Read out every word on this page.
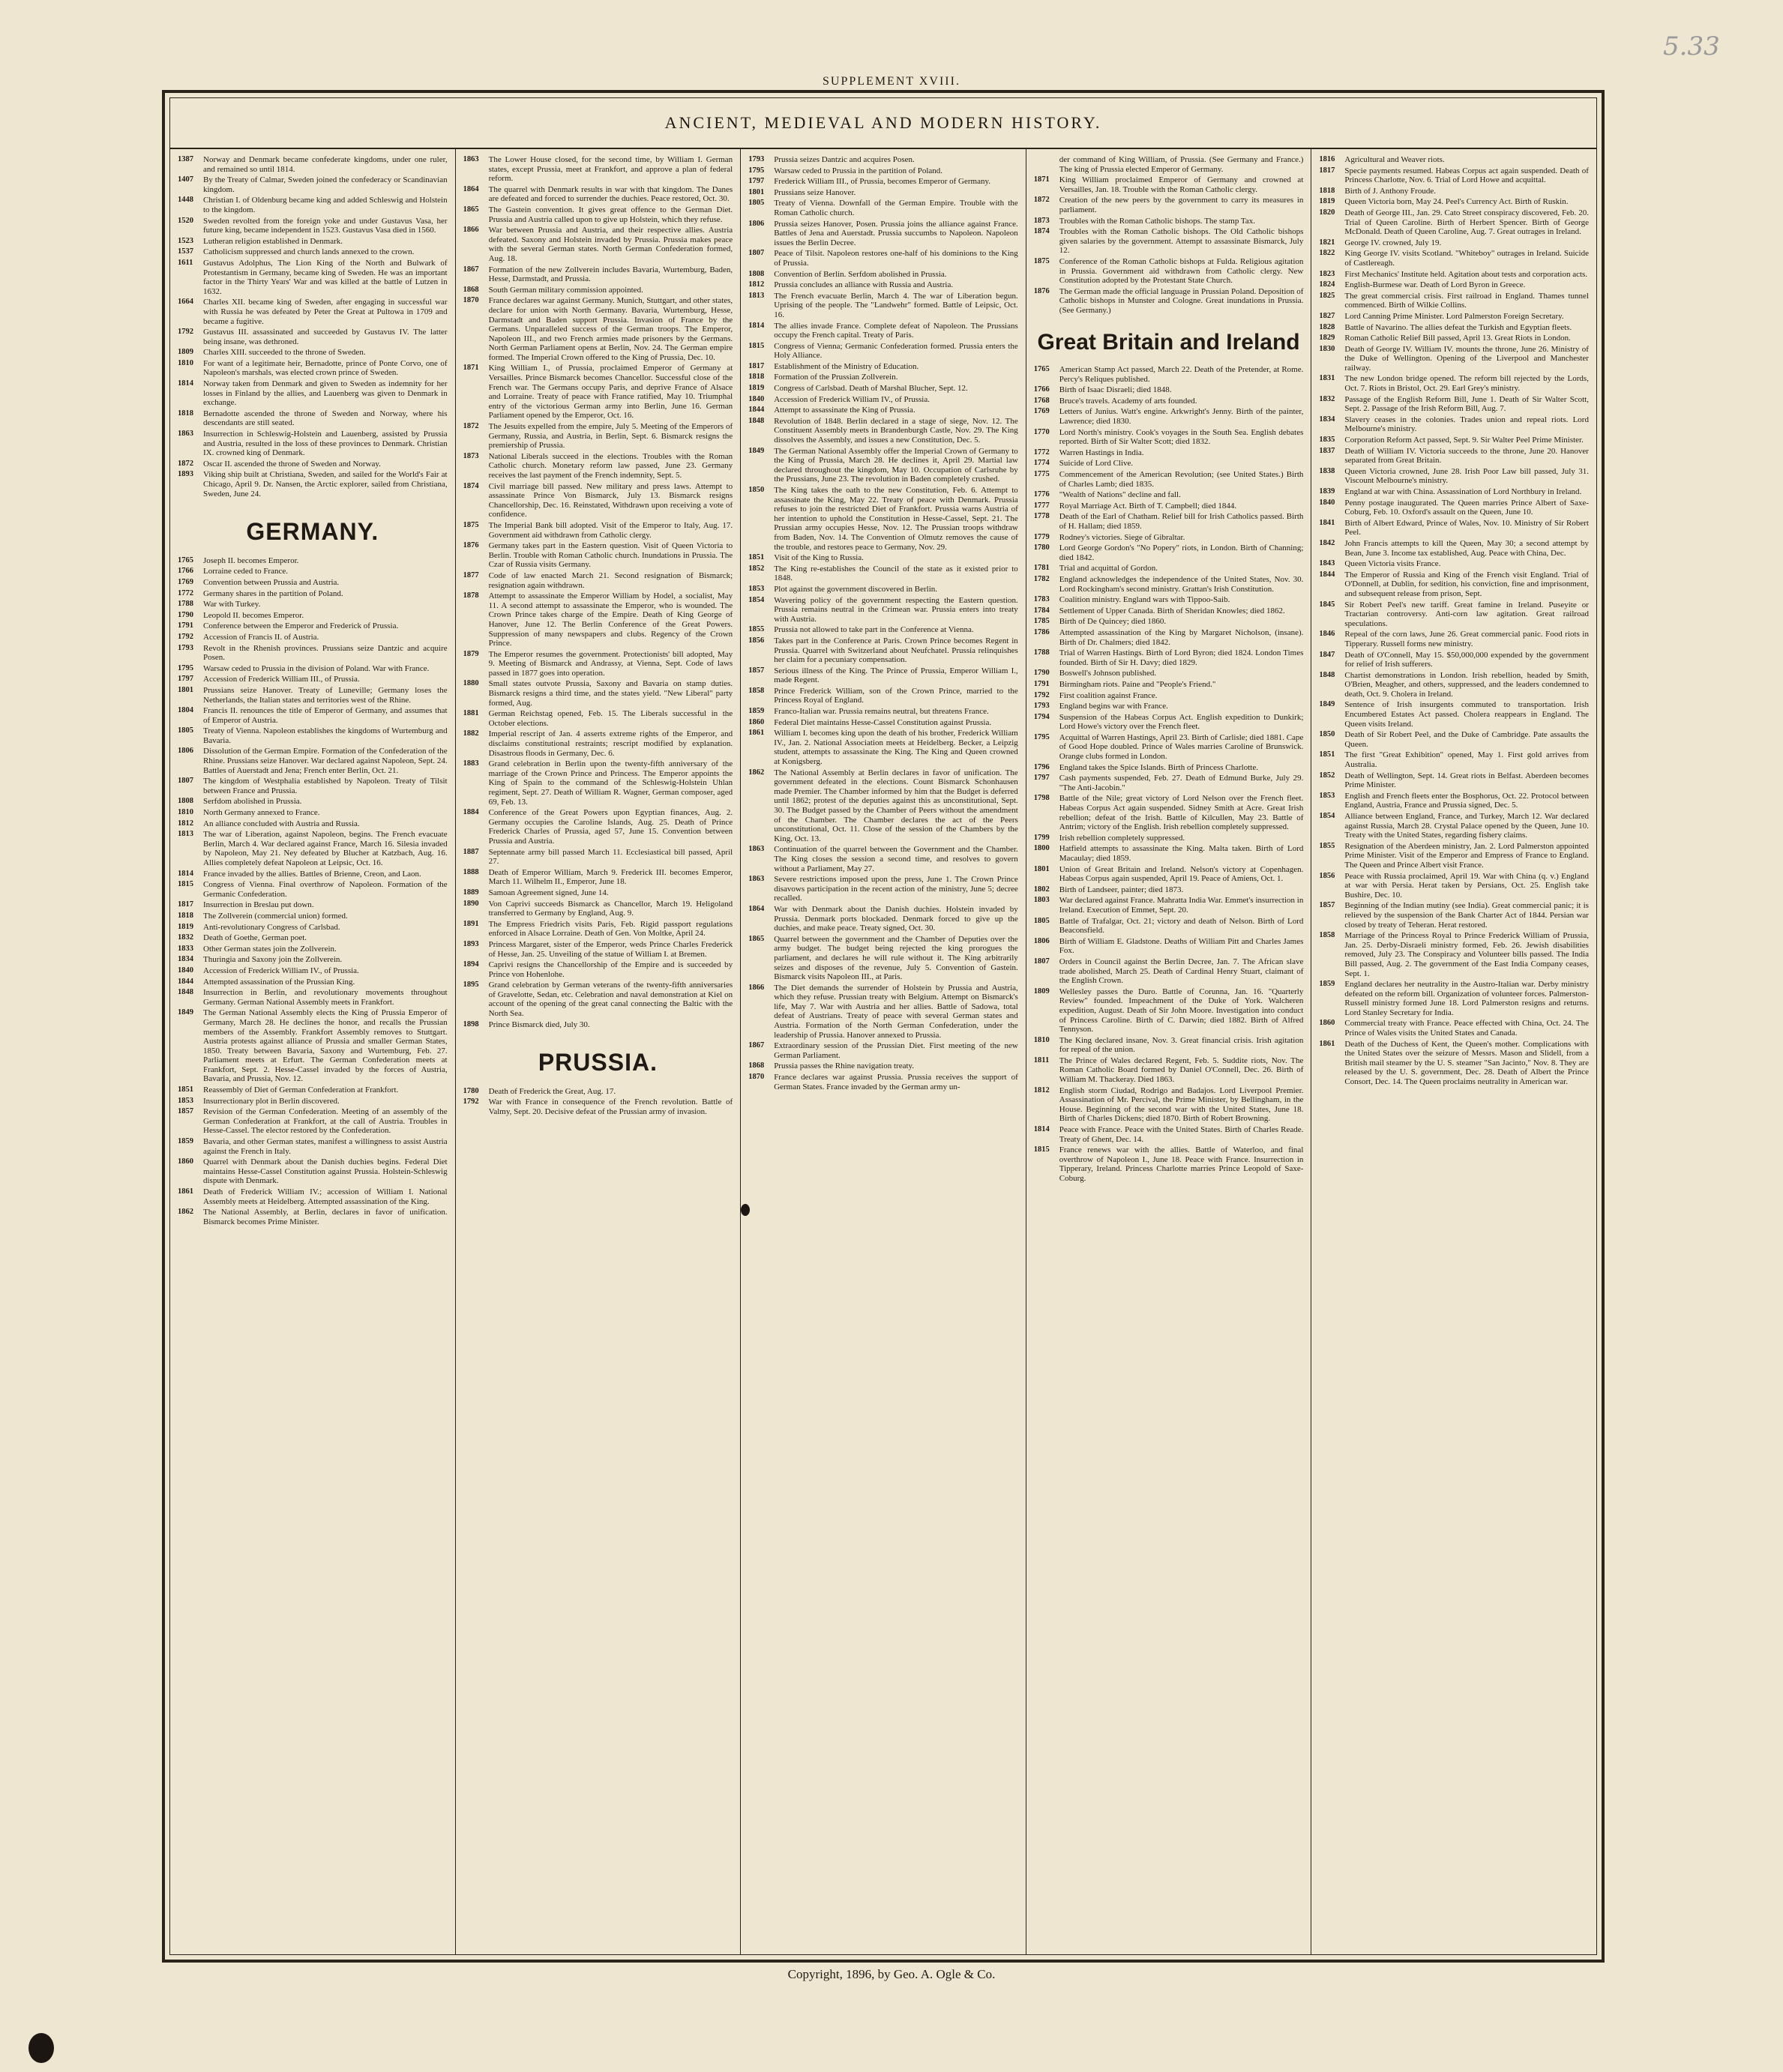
5.33
SUPPLEMENT XVIII.
ANCIENT, MEDIEVAL AND MODERN HISTORY.
1387	Norway and Denmark became confederate kingdoms, under one ruler, and remained so until 1814.
1407	By the Treaty of Calmar, Sweden joined the confederacy or Scandinavian kingdom.
1448	Christian I. of Oldenburg became king and added Schleswig and Holstein to the kingdom.
1520	Sweden revolted from the foreign yoke and under Gustavus Vasa, her future king, became independent in 1523. Gustavus Vasa died in 1560.
1523	Lutheran religion established in Denmark.
1537	Catholicism suppressed and church lands annexed to the crown.
1611	Gustavus Adolphus, The Lion King of the North and Bulwark of Protestantism in Germany, became king of Sweden. He was an important factor in the Thirty Years' War and was killed at the battle of Lutzen in 1632.
1664	Charles XII. became king of Sweden, after engaging in successful war with Russia he was defeated by Peter the Great at Pultowa in 1709 and became a fugitive.
1792	Gustavus III. assassinated and succeeded by Gustavus IV. The latter being insane, was dethroned.
1809	Charles XIII. succeeded to the throne of Sweden.
1810	For want of a legitimate heir, Bernadotte, prince of Ponte Corvo, one of Napoleon's marshals, was elected crown prince of Sweden.
1814	Norway taken from Denmark and given to Sweden as indemnity for her losses in Finland by the allies, and Lauenberg was given to Denmark in exchange.
1818	Bernadotte ascended the throne of Sweden and Norway, where his descendants are still seated.
1863	Insurrection in Schleswig-Holstein and Lauenberg, assisted by Prussia and Austria, resulted in the loss of these provinces to Denmark. Christian IX. crowned king of Denmark.
1872	Oscar II. ascended the throne of Sweden and Norway.
1893	Viking ship built at Christiana, Sweden, and sailed for the World's Fair at Chicago, April 9. Dr. Nansen, the Arctic explorer, sailed from Christiana, Sweden, June 24.
GERMANY.
1765	Joseph II. becomes Emperor.
1766	Lorraine ceded to France.
1769	Convention between Prussia and Austria.
1772	Germany shares in the partition of Poland.
1788	War with Turkey.
1790	Leopold II. becomes Emperor.
1791	Conference between the Emperor and Frederick of Prussia.
1792	Accession of Francis II. of Austria.
1793	Revolt in the Rhenish provinces. Prussians seize Dantzic and acquire Posen.
1795	Warsaw ceded to Prussia in the division of Poland. War with France.
1797	Accession of Frederick William III., of Prussia.
1801	Prussians seize Hanover. Treaty of Luneville; Germany loses the Netherlands, the Italian states and territories west of the Rhine.
1804	Francis II. renounces the title of Emperor of Germany, and assumes that of Emperor of Austria.
1805	Treaty of Vienna. Napoleon establishes the kingdoms of Wurtemburg and Bavaria.
1806	Dissolution of the German Empire. Formation of the Confederation of the Rhine. Prussians seize Hanover. War declared against Napoleon, Sept. 24. Battles of Auerstadt and Jena; French enter Berlin, Oct. 21.
1807	The kingdom of Westphalia established by Napoleon. Treaty of Tilsit between France and Prussia.
1808	Serfdom abolished in Prussia.
1810	North Germany annexed to France.
1812	An alliance concluded with Austria and Russia.
1813	The war of Liberation, against Napoleon, begins. The French evacuate Berlin, March 4. War declared against France, March 16. Silesia invaded by Napoleon, May 21. Ney defeated by Blucher at Katzbach, Aug. 16. Allies completely defeat Napoleon at Leipsic, Oct. 16.
1814	France invaded by the allies. Battles of Brienne, Creon, and Laon.
1815	Congress of Vienna. Final overthrow of Napoleon. Formation of the Germanic Confederation.
1817	Insurrection in Breslau put down.
1818	The Zollverein (commercial union) formed.
1819	Anti-revolutionary Congress of Carlsbad.
1832	Death of Goethe, German poet.
1833	Other German states join the Zollverein.
1834	Thuringia and Saxony join the Zollverein.
1840	Accession of Frederick William IV., of Prussia.
1844	Attempted assassination of the Prussian King.
1848	Insurrection in Berlin, and revolutionary movements throughout Germany. German National Assembly meets in Frankfort.
1849	The German National Assembly elects the King of Prussia Emperor of Germany, March 28. He declines the honor, and recalls the Prussian members of the Assembly. Frankfort Assembly removes to Stuttgart. Austria protests against alliance of Prussia and smaller German States, 1850. Treaty between Bavaria, Saxony and Wurtemburg, Feb. 27. Parliament meets at Erfurt. The German Confederation meets at Frankfort, Sept. 2. Hesse-Cassel invaded by the forces of Austria, Bavaria, and Prussia, Nov. 12.
1851	Reassembly of Diet of German Confederation at Frankfort.
1853	Insurrectionary plot in Berlin discovered.
1857	Revision of the German Confederation. Meeting of an assembly of the German Confederation at Frankfort, at the call of Austria. Troubles in Hesse-Cassel. The elector restored by the Confederation.
1859	Bavaria, and other German states, manifest a willingness to assist Austria against the French in Italy.
1860	Quarrel with Denmark about the Danish duchies begins. Federal Diet maintains Hesse-Cassel Constitution against Prussia. Holstein-Schleswig dispute with Denmark.
1861	Death of Frederick William IV.; accession of William I. National Assembly meets at Heidelberg. Attempted assassination of the King.
1862	The National Assembly, at Berlin, declares in favor of unification. Bismarck becomes Prime Minister.
1863	The Lower House closed, for the second time, by William I. German states, except Prussia, meet at Frankfort, and approve a plan of federal reform.
1864	The quarrel with Denmark results in war with that kingdom. The Danes are defeated and forced to surrender the duchies. Peace restored, Oct. 30.
1865	The Gastein convention. It gives great offence to the German Diet. Prussia and Austria called upon to give up Holstein, which they refuse.
1866	War between Prussia and Austria, and their respective allies. Austria defeated. Saxony and Holstein invaded by Prussia. Prussia makes peace with the several German states. North German Confederation formed, Aug. 18.
1867	Formation of the new Zollverein includes Bavaria, Wurtemburg, Baden, Hesse, Darmstadt, and Prussia.
1868	South German military commission appointed.
1870	France declares war against Germany. Munich, Stuttgart, and other states, declare for union with North Germany. Bavaria, Wurtemburg, Hesse, Darmstadt and Baden support Prussia. Invasion of France by the Germans. Unparalleled success of the German troops. The Emperor, Napoleon III., and two French armies made prisoners by the Germans. North German Parliament opens at Berlin, Nov. 24. The German empire formed. The Imperial Crown offered to the King of Prussia, Dec. 10.
1871	King William I., of Prussia, proclaimed Emperor of Germany at Versailles. Prince Bismarck becomes Chancellor. Successful close of the French war. The Germans occupy Paris, and deprive France of Alsace and Lorraine. Treaty of peace with France ratified, May 10. Triumphal entry of the victorious German army into Berlin, June 16. German Parliament opened by the Emperor, Oct. 16.
1872	The Jesuits expelled from the empire, July 5. Meeting of the Emperors of Germany, Russia, and Austria, in Berlin, Sept. 6. Bismarck resigns the premiership of Prussia.
1873	National Liberals succeed in the elections. Troubles with the Roman Catholic church. Monetary reform law passed, June 23. Germany receives the last payment of the French indemnity, Sept. 5.
1874	Civil marriage bill passed. New military and press laws. Attempt to assassinate Prince Von Bismarck, July 13. Bismarck resigns Chancellorship, Dec. 16. Reinstated, Withdrawn upon receiving a vote of confidence.
1875	The Imperial Bank bill adopted. Visit of the Emperor to Italy, Aug. 17. Government aid withdrawn from Catholic clergy.
1876	Germany takes part in the Eastern question. Visit of Queen Victoria to Berlin. Trouble with Roman Catholic church. Inundations in Prussia. The Czar of Russia visits Germany.
1877	Code of law enacted March 21. Second resignation of Bismarck; resignation again withdrawn.
1878	Attempt to assassinate the Emperor William by Hodel, a socialist, May 11. A second attempt to assassinate the Emperor, who is wounded. The Crown Prince takes charge of the Empire. Death of King George of Hanover, June 12. The Berlin Conference of the Great Powers. Suppression of many newspapers and clubs. Regency of the Crown Prince.
1879	The Emperor resumes the government. Protectionists' bill adopted, May 9. Meeting of Bismarck and Andrassy, at Vienna, Sept. Code of laws passed in 1877 goes into operation.
1880	Small states outvote Prussia, Saxony and Bavaria on stamp duties. Bismarck resigns a third time, and the states yield. "New Liberal" party formed, Aug.
1881	German Reichstag opened, Feb. 15. The Liberals successful in the October elections.
1882	Imperial rescript of Jan. 4 asserts extreme rights of the Emperor, and disclaims constitutional restraints; rescript modified by explanation. Disastrous floods in Germany, Dec. 6.
1883	Grand celebration in Berlin upon the twenty-fifth anniversary of the marriage of the Crown Prince and Princess. The Emperor appoints the King of Spain to the command of the Schleswig-Holstein Uhlan regiment, Sept. 27. Death of William R. Wagner, German composer, aged 69, Feb. 13.
1884	Conference of the Great Powers upon Egyptian finances, Aug. 2. Germany occupies the Caroline Islands, Aug. 25. Death of Prince Frederick Charles of Prussia, aged 57, June 15. Convention between Prussia and Austria.
1887	Septennate army bill passed March 11. Ecclesiastical bill passed, April 27.
1888	Death of Emperor William, March 9. Frederick III. becomes Emperor, March 11. Wilhelm II., Emperor, June 18.
1889	Samoan Agreement signed, June 14.
1890	Von Caprivi succeeds Bismarck as Chancellor, March 19. Heligoland transferred to Germany by England, Aug. 9.
1891	The Empress Friedrich visits Paris, Feb. Rigid passport regulations enforced in Alsace Lorraine. Death of Gen. Von Moltke, April 24.
1893	Princess Margaret, sister of the Emperor, weds Prince Charles Frederick of Hesse, Jan. 25. Unveiling of the statue of William I. at Bremen.
1894	Caprivi resigns the Chancellorship of the Empire and is succeeded by Prince von Hohenlohe.
1895	Grand celebration by German veterans of the twenty-fifth anniversaries of Gravelotte, Sedan, etc. Celebration and naval demonstration at Kiel on account of the opening of the great canal connecting the Baltic with the North Sea.
1898	Prince Bismarck died, July 30.
PRUSSIA.
1780	Death of Frederick the Great, Aug. 17.
1792	War with France in consequence of the French revolution. Battle of Valmy, Sept. 20. Decisive defeat of the Prussian army of invasion.
1793	Prussia seizes Dantzic and acquires Posen.
1795	Warsaw ceded to Prussia in the partition of Poland.
1797	Frederick William III., of Prussia, becomes Emperor of Germany.
1801	Prussians seize Hanover.
1805	Treaty of Vienna. Downfall of the German Empire. Trouble with the Roman Catholic church.
1806	Prussia seizes Hanover, Posen. Prussia joins the alliance against France. Battles of Jena and Auerstadt. Prussia succumbs to Napoleon. Napoleon issues the Berlin Decree.
1807	Peace of Tilsit. Napoleon restores one-half of his dominions to the King of Prussia.
1808	Convention of Berlin. Serfdom abolished in Prussia.
1812	Prussia concludes an alliance with Russia and Austria.
1813	The French evacuate Berlin, March 4. The war of Liberation begun. Uprising of the people. The "Landwehr" formed. Battle of Leipsic, Oct. 16.
1814	The allies invade France. Complete defeat of Napoleon. The Prussians occupy the French capital. Treaty of Paris.
1815	Congress of Vienna; Germanic Confederation formed. Prussia enters the Holy Alliance.
1817	Establishment of the Ministry of Education.
1818	Formation of the Prussian Zollverein.
1819	Congress of Carlsbad. Death of Marshal Blucher, Sept. 12.
1840	Accession of Frederick William IV., of Prussia.
1844	Attempt to assassinate the King of Prussia.
1848	Revolution of 1848. Berlin declared in a stage of siege, Nov. 12. The Constituent Assembly meets in Brandenburgh Castle, Nov. 29. The King dissolves the Assembly, and issues a new Constitution, Dec. 5.
1849	The German National Assembly offer the Imperial Crown of Germany to the King of Prussia, March 28. He declines it, April 29. Martial law declared throughout the kingdom, May 10. Occupation of Carlsruhe by the Prussians, June 23. The revolution in Baden completely crushed.
1850	The King takes the oath to the new Constitution, Feb. 6. Attempt to assassinate the King, May 22. Treaty of peace with Denmark. Prussia refuses to join the restricted Diet of Frankfort. Prussia warns Austria of her intention to uphold the Constitution in Hesse-Cassel, Sept. 21. The Prussian army occupies Hesse, Nov. 12. The Prussian troops withdraw from Baden, Nov. 14. The Convention of Olmutz removes the cause of the trouble, and restores peace to Germany, Nov. 29.
1851	Visit of the King to Russia.
1852	The King re-establishes the Council of the state as it existed prior to 1848.
1853	Plot against the government discovered in Berlin.
1854	Wavering policy of the government respecting the Eastern question. Prussia remains neutral in the Crimean war. Prussia enters into treaty with Austria.
1855	Prussia not allowed to take part in the Conference at Vienna.
1856	Takes part in the Conference at Paris. Crown Prince becomes Regent in Prussia. Quarrel with Switzerland about Neufchatel. Prussia relinquishes her claim for a pecuniary compensation.
1857	Serious illness of the King. The Prince of Prussia, Emperor William I., made Regent.
1858	Prince Frederick William, son of the Crown Prince, married to the Princess Royal of England.
1859	Franco-Italian war. Prussia remains neutral, but threatens France.
1860	Federal Diet maintains Hesse-Cassel Constitution against Prussia.
1861	William I. becomes king upon the death of his brother, Frederick William IV., Jan. 2. National Association meets at Heidelberg. Becker, a Leipzig student, attempts to assassinate the King. The King and Queen crowned at Konigsberg.
1862	The National Assembly at Berlin declares in favor of unification. The government defeated in the elections. Count Bismarck Schonhausen made Premier. The Chamber informed by him that the Budget is deferred until 1862; protest of the deputies against this as unconstitutional, Sept. 30. The Budget passed by the Chamber of Peers without the amendment of the Chamber. The Chamber declares the act of the Peers unconstitutional, Oct. 11. Close of the session of the Chambers by the King, Oct. 13.
1863	Continuation of the quarrel between the Government and the Chamber. The King closes the session a second time, and resolves to govern without a Parliament, May 27.
1863	Severe restrictions imposed upon the press, June 1. The Crown Prince disavows participation in the recent action of the ministry, June 5; decree recalled.
1864	War with Denmark about the Danish duchies. Holstein invaded by Prussia. Denmark ports blockaded. Denmark forced to give up the duchies, and make peace. Treaty signed, Oct. 30.
1865	Quarrel between the government and the Chamber of Deputies over the army budget. The budget being rejected the king prorogues the parliament, and declares he will rule without it. The King arbitrarily seizes and disposes of the revenue, July 5. Convention of Gastein. Bismarck visits Napoleon III., at Paris.
1866	The Diet demands the surrender of Holstein by Prussia and Austria, which they refuse. Prussian treaty with Belgium. Attempt on Bismarck's life, May 7. War with Austria and her allies. Battle of Sadowa, total defeat of Austrians. Treaty of peace with several German states and Austria. Formation of the North German Confederation, under the leadership of Prussia. Hanover annexed to Prussia.
1867	Extraordinary session of the Prussian Diet. First meeting of the new German Parliament.
1868	Prussia passes the Rhine navigation treaty.
1870	France declares war against Prussia. Prussia receives the support of German States. France invaded by the German army un-
der command of King William, of Prussia. (See Germany and France.) The king of Prussia elected Emperor of Germany.
1871	King William proclaimed Emperor of Germany and crowned at Versailles, Jan. 18. Trouble with the Roman Catholic clergy.
1872	Creation of the new peers by the government to carry its measures in parliament.
1873	Troubles with the Roman Catholic bishops. The stamp Tax.
1874	Troubles with the Roman Catholic bishops. The Old Catholic bishops given salaries by the government. Attempt to assassinate Bismarck, July 12.
1875	Conference of the Roman Catholic bishops at Fulda. Religious agitation in Prussia. Government aid withdrawn from Catholic clergy. New Constitution adopted by the Protestant State Church.
1876	The German made the official language in Prussian Poland. Deposition of Catholic bishops in Munster and Cologne. Great inundations in Prussia. (See Germany.)
Great Britain and Ireland
1765	American Stamp Act passed, March 22. Death of the Pretender, at Rome. Percy's Reliques published.
1766	Birth of Isaac Disraeli; died 1848.
1768	Bruce's travels. Academy of arts founded.
1769	Letters of Junius. Watt's engine. Arkwright's Jenny. Birth of the painter, Lawrence; died 1830.
1770	Lord North's ministry. Cook's voyages in the South Sea. English debates reported. Birth of Sir Walter Scott; died 1832.
1772	Warren Hastings in India.
1774	Suicide of Lord Clive.
1775	Commencement of the American Revolution; (see United States.) Birth of Charles Lamb; died 1835.
1776	"Wealth of Nations" decline and fall.
1777	Royal Marriage Act. Birth of T. Campbell; died 1844.
1778	Death of the Earl of Chatham. Relief bill for Irish Catholics passed. Birth of H. Hallam; died 1859.
1779	Rodney's victories. Siege of Gibraltar.
1780	Lord George Gordon's "No Popery" riots, in London. Birth of Channing; died 1842.
1781	Trial and acquittal of Gordon.
1782	England acknowledges the independence of the United States, Nov. 30. Lord Rockingham's second ministry. Grattan's Irish Constitution.
1783	Coalition ministry. England wars with Tippoo-Saib.
1784	Settlement of Upper Canada. Birth of Sheridan Knowles; died 1862.
1785	Birth of De Quincey; died 1860.
1786	Attempted assassination of the King by Margaret Nicholson, (insane). Birth of Dr. Chalmers; died 1842.
1788	Trial of Warren Hastings. Birth of Lord Byron; died 1824. London Times founded. Birth of Sir H. Davy; died 1829.
1790	Boswell's Johnson published.
1791	Birmingham riots. Paine and "People's Friend."
1792	First coalition against France.
1793	England begins war with France.
1794	Suspension of the Habeas Corpus Act. English expedition to Dunkirk; Lord Howe's victory over the French fleet.
1795	Acquittal of Warren Hastings, April 23. Birth of Carlisle; died 1881. Cape of Good Hope doubled. Prince of Wales marries Caroline of Brunswick. Orange clubs formed in London.
1796	England takes the Spice Islands. Birth of Princess Charlotte.
1797	Cash payments suspended, Feb. 27. Death of Edmund Burke, July 29. "The Anti-Jacobin."
1798	Battle of the Nile; great victory of Lord Nelson over the French fleet. Habeas Corpus Act again suspended. Sidney Smith at Acre. Great Irish rebellion; defeat of the Irish. Battle of Kilcullen, May 23. Battle of Antrim; victory of the English. Irish rebellion completely suppressed.
1799	Irish rebellion completely suppressed.
1800	Hatfield attempts to assassinate the King. Malta taken. Birth of Lord Macaulay; died 1859.
1801	Union of Great Britain and Ireland. Nelson's victory at Copenhagen. Habeas Corpus again suspended, April 19. Peace of Amiens, Oct. 1.
1802	Birth of Landseer, painter; died 1873.
1803	War declared against France. Mahratta India War. Emmet's insurrection in Ireland. Execution of Emmet, Sept. 20.
1805	Battle of Trafalgar, Oct. 21; victory and death of Nelson. Birth of Lord Beaconsfield.
1806	Birth of William E. Gladstone. Deaths of William Pitt and Charles James Fox.
1807	Orders in Council against the Berlin Decree, Jan. 7. The African slave trade abolished, March 25. Death of Cardinal Henry Stuart, claimant of the English Crown.
1809	Wellesley passes the Duro. Battle of Corunna, Jan. 16. "Quarterly Review" founded. Impeachment of the Duke of York. Walcheren expedition, August. Death of Sir John Moore. Investigation into conduct of Princess Caroline. Birth of C. Darwin; died 1882. Birth of Alfred Tennyson.
1810	The King declared insane, Nov. 3. Great financial crisis. Irish agitation for repeal of the union.
1811	The Prince of Wales declared Regent, Feb. 5. Suddite riots, Nov. The Roman Catholic Board formed by Daniel O'Connell, Dec. 26. Birth of William M. Thackeray. Died 1863.
1812	English storm Ciudad, Rodrigo and Badajos. Lord Liverpool Premier. Assassination of Mr. Percival, the Prime Minister, by Bellingham, in the House. Beginning of the second war with the United States, June 18. Birth of Charles Dickens; died 1870. Birth of Robert Browning.
1814	Peace with France. Peace with the United States. Birth of Charles Reade. Treaty of Ghent, Dec. 14.
1815	France renews war with the allies. Battle of Waterloo, and final overthrow of Napoleon I., June 18. Peace with France. Insurrection in Tipperary, Ireland. Princess Charlotte marries Prince Leopold of Saxe-Coburg.
1816	Agricultural and Weaver riots.
1817	Specie payments resumed. Habeas Corpus act again suspended. Death of Princess Charlotte, Nov. 6. Trial of Lord Howe and acquittal.
1818	Birth of J. Anthony Froude.
1819	Queen Victoria born, May 24. Peel's Currency Act. Birth of Ruskin.
1820	Death of George III., Jan. 29. Cato Street conspiracy discovered, Feb. 20. Trial of Queen Caroline. Birth of Herbert Spencer. Birth of George McDonald. Death of Queen Caroline, Aug. 7. Great outrages in Ireland.
1821	George IV. crowned, July 19.
1822	King George IV. visits Scotland. "Whiteboy" outrages in Ireland. Suicide of Castlereagh.
1823	First Mechanics' Institute held. Agitation about tests and corporation acts.
1824	English-Burmese war. Death of Lord Byron in Greece.
1825	The great commercial crisis. First railroad in England. Thames tunnel commenced. Birth of Wilkie Collins.
1827	Lord Canning Prime Minister. Lord Palmerston Foreign Secretary.
1828	Battle of Navarino. The allies defeat the Turkish and Egyptian fleets.
1829	Roman Catholic Relief Bill passed, April 13. Great Riots in London.
1830	Death of George IV. William IV. mounts the throne, June 26. Ministry of the Duke of Wellington. Opening of the Liverpool and Manchester railway.
1831	The new London bridge opened. The reform bill rejected by the Lords, Oct. 7. Riots in Bristol, Oct. 29. Earl Grey's ministry.
1832	Passage of the English Reform Bill, June 1. Death of Sir Walter Scott, Sept. 2. Passage of the Irish Reform Bill, Aug. 7.
1834	Slavery ceases in the colonies. Trades union and repeal riots. Lord Melbourne's ministry.
1835	Corporation Reform Act passed, Sept. 9. Sir Walter Peel Prime Minister.
1837	Death of William IV. Victoria succeeds to the throne, June 20. Hanover separated from Great Britain.
1838	Queen Victoria crowned, June 28. Irish Poor Law bill passed, July 31. Viscount Melbourne's ministry.
1839	England at war with China. Assassination of Lord Northbury in Ireland.
1840	Penny postage inaugurated. The Queen marries Prince Albert of Saxe-Coburg, Feb. 10. Oxford's assault on the Queen, June 10.
1841	Birth of Albert Edward, Prince of Wales, Nov. 10. Ministry of Sir Robert Peel.
1842	John Francis attempts to kill the Queen, May 30; a second attempt by Bean, June 3. Income tax established, Aug. Peace with China, Dec.
1843	Queen Victoria visits France.
1844	The Emperor of Russia and King of the French visit England. Trial of O'Donnell, at Dublin, for sedition, his conviction, fine and imprisonment, and subsequent release from prison, Sept.
1845	Sir Robert Peel's new tariff. Great famine in Ireland. Puseyite or Tractarian controversy. Anti-corn law agitation. Great railroad speculations.
1846	Repeal of the corn laws, June 26. Great commercial panic. Food riots in Tipperary. Russell forms new ministry.
1847	Death of O'Connell, May 15. $50,000,000 expended by the government for relief of Irish sufferers.
1848	Chartist demonstrations in London. Irish rebellion, headed by Smith, O'Brien, Meagher, and others, suppressed, and the leaders condemned to death, Oct. 9. Cholera in Ireland.
1849	Sentence of Irish insurgents commuted to transportation. Irish Encumbered Estates Act passed. Cholera reappears in England. The Queen visits Ireland.
1850	Death of Sir Robert Peel, and the Duke of Cambridge. Pate assaults the Queen.
1851	The first "Great Exhibition" opened, May 1. First gold arrives from Australia.
1852	Death of Wellington, Sept. 14. Great riots in Belfast. Aberdeen becomes Prime Minister.
1853	English and French fleets enter the Bosphorus, Oct. 22. Protocol between England, Austria, France and Prussia signed, Dec. 5.
1854	Alliance between England, France, and Turkey, March 12. War declared against Russia, March 28. Crystal Palace opened by the Queen, June 10. Treaty with the United States, regarding fishery claims.
1855	Resignation of the Aberdeen ministry, Jan. 2. Lord Palmerston appointed Prime Minister. Visit of the Emperor and Empress of France to England. The Queen and Prince Albert visit France.
1856	Peace with Russia proclaimed, April 19. War with China (q. v.) England at war with Persia. Herat taken by Persians, Oct. 25. English take Bushire, Dec. 10.
1857	Beginning of the Indian mutiny (see India). Great commercial panic; it is relieved by the suspension of the Bank Charter Act of 1844. Persian war closed by treaty of Teheran. Herat restored.
1858	Marriage of the Princess Royal to Prince Frederick William of Prussia, Jan. 25. Derby-Disraeli ministry formed, Feb. 26. Jewish disabilities removed, July 23. The Conspiracy and Volunteer bills passed. The India Bill passed, Aug. 2. The government of the East India Company ceases, Sept. 1.
1859	England declares her neutrality in the Austro-Italian war. Derby ministry defeated on the reform bill. Organization of volunteer forces. Palmerston-Russell ministry formed June 18. Lord Palmerston resigns and returns. Lord Stanley Secretary for India.
1860	Commercial treaty with France. Peace effected with China, Oct. 24. The Prince of Wales visits the United States and Canada.
1861	Death of the Duchess of Kent, the Queen's mother. Complications with the United States over the seizure of Messrs. Mason and Slidell, from a British mail steamer by the U. S. steamer "San Jacinto," Nov. 8. They are released by the U. S. government, Dec. 28. Death of Albert the Prince Consort, Dec. 14. The Queen proclaims neutrality in American war.
Copyright, 1896, by Geo. A. Ogle & Co.
